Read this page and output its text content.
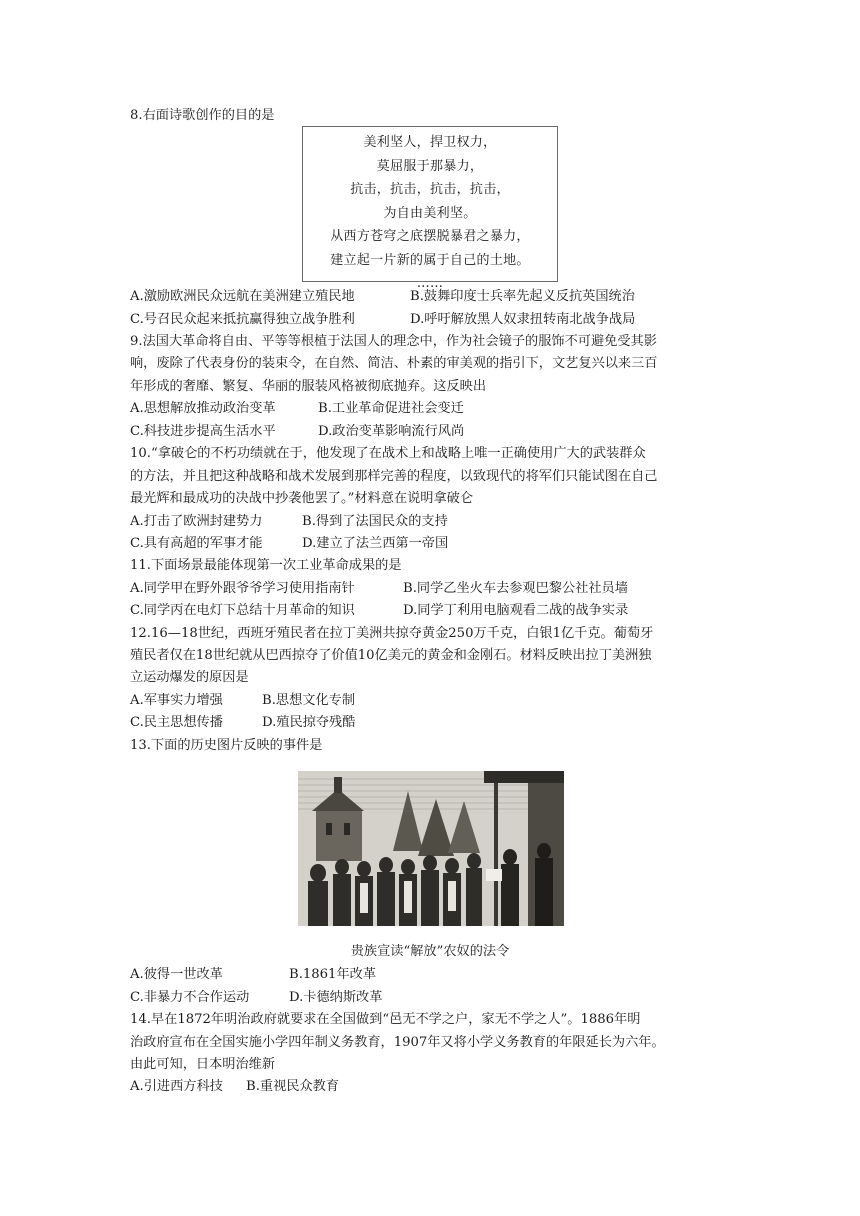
8.右面诗歌创作的目的是
美利坚人，捍卫权力，
莫屈服于那暴力，
抗击，抗击，抗击，抗击，
为自由美利坚。
从西方苍穹之底摆脱暴君之暴力，
建立起一片新的属于自己的土地。
……
A.激励欧洲民众远航在美洲建立殖民地	B.鼓舞印度士兵率先起义反抗英国统治
C.号召民众起来抵抗赢得独立战争胜利	D.呼吁解放黑人奴隶扭转南北战争战局
9.法国大革命将自由、平等等根植于法国人的理念中，作为社会镜子的服饰不可避免受其影
响，废除了代表身份的装束令，在自然、简洁、朴素的审美观的指引下，文艺复兴以来三百
年形成的奢靡、繁复、华丽的服装风格被彻底抛弃。这反映出
A.思想解放推动政治变革	B.工业革命促进社会变迁
C.科技进步提高生活水平	D.政治变革影响流行风尚
10.“拿破仑的不朽功绩就在于，他发现了在战术上和战略上唯一正确使用广大的武装群众
的方法，并且把这种战略和战术发展到那样完善的程度，以致现代的将军们只能试图在自己
最光辉和最成功的决战中抄袭他罢了。”材料意在说明拿破仑
A.打击了欧洲封建势力	B.得到了法国民众的支持
C.具有高超的军事才能	D.建立了法兰西第一帝国
11.下面场景最能体现第一次工业革命成果的是
A.同学甲在野外跟爷爷学习使用指南针	B.同学乙坐火车去参观巴黎公社社员墙
C.同学丙在电灯下总结十月革命的知识	D.同学丁利用电脑观看二战的战争实录
12.16—18世纪，西班牙殖民者在拉丁美洲共掠夺黄金250万千克，白银1亿千克。葡萄牙
殖民者仅在18世纪就从巴西掠夺了价值10亿美元的黄金和金刚石。材料反映出拉丁美洲独
立运动爆发的原因是
A.军事实力增强	B.思想文化专制
C.民主思想传播	D.殖民掠夺残酷
13.下面的历史图片反映的事件是
贵族宣读“解放”农奴的法令
A.彼得一世改革	B.1861年改革
C.非暴力不合作运动	D.卡德纳斯改革
14.早在1872年明治政府就要求在全国做到“邑无不学之户，家无不学之人”。1886年明
治政府宣布在全国实施小学四年制义务教育，1907年又将小学义务教育的年限延长为六年。
由此可知，日本明治维新
A.引进西方科技 B.重视民众教育
